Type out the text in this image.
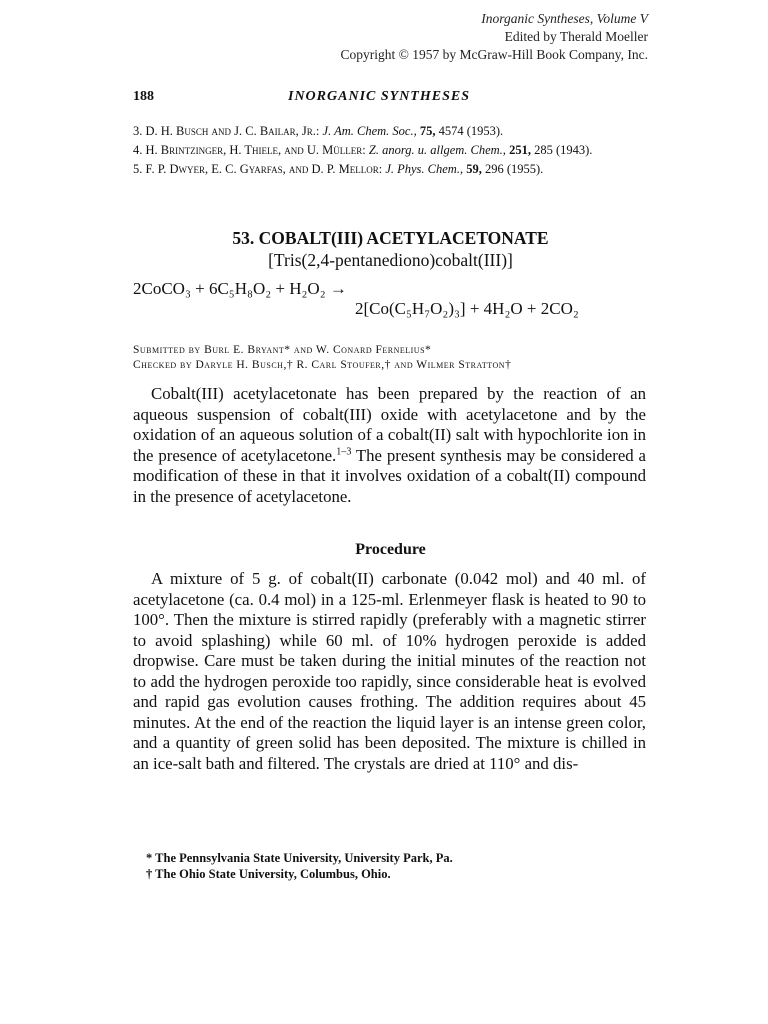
Inorganic Syntheses, Volume V
Edited by Therald Moeller
Copyright © 1957 by McGraw-Hill Book Company, Inc.
188	INORGANIC SYNTHESES
3. D. H. Busch and J. C. Bailar, Jr.: J. Am. Chem. Soc., 75, 4574 (1953).
4. H. Brintzinger, H. Thiele, and U. Müller: Z. anorg. u. allgem. Chem., 251, 285 (1943).
5. F. P. Dwyer, E. C. Gyarfas, and D. P. Mellor: J. Phys. Chem., 59, 296 (1955).
53. COBALT(III) ACETYLACETONATE
[Tris(2,4-pentanediono)cobalt(III)]
2CoCO₃ + 6C₅H₈O₂ + H₂O₂ →
2[Co(C₅H₇O₂)₃] + 4H₂O + 2CO₂
Submitted by Burl E. Bryant* and W. Conard Fernelius*
Checked by Daryle H. Busch,† R. Carl Stoufer,† and Wilmer Stratton†
Cobalt(III) acetylacetonate has been prepared by the reaction of an aqueous suspension of cobalt(III) oxide with acetylacetone and by the oxidation of an aqueous solution of a cobalt(II) salt with hypochlorite ion in the presence of acetylacetone.$^{1-3}$ The present synthesis may be considered a modification of these in that it involves oxidation of a cobalt(II) compound in the presence of acetylacetone.
Procedure
A mixture of 5 g. of cobalt(II) carbonate (0.042 mol) and 40 ml. of acetylacetone (ca. 0.4 mol) in a 125-ml. Erlenmeyer flask is heated to 90 to 100°. Then the mixture is stirred rapidly (preferably with a magnetic stirrer to avoid splashing) while 60 ml. of 10% hydrogen peroxide is added dropwise. Care must be taken during the initial minutes of the reaction not to add the hydrogen peroxide too rapidly, since considerable heat is evolved and rapid gas evolution causes frothing. The addition requires about 45 minutes. At the end of the reaction the liquid layer is an intense green color, and a quantity of green solid has been deposited. The mixture is chilled in an ice-salt bath and filtered. The crystals are dried at 110° and dis-
* The Pennsylvania State University, University Park, Pa.
† The Ohio State University, Columbus, Ohio.
